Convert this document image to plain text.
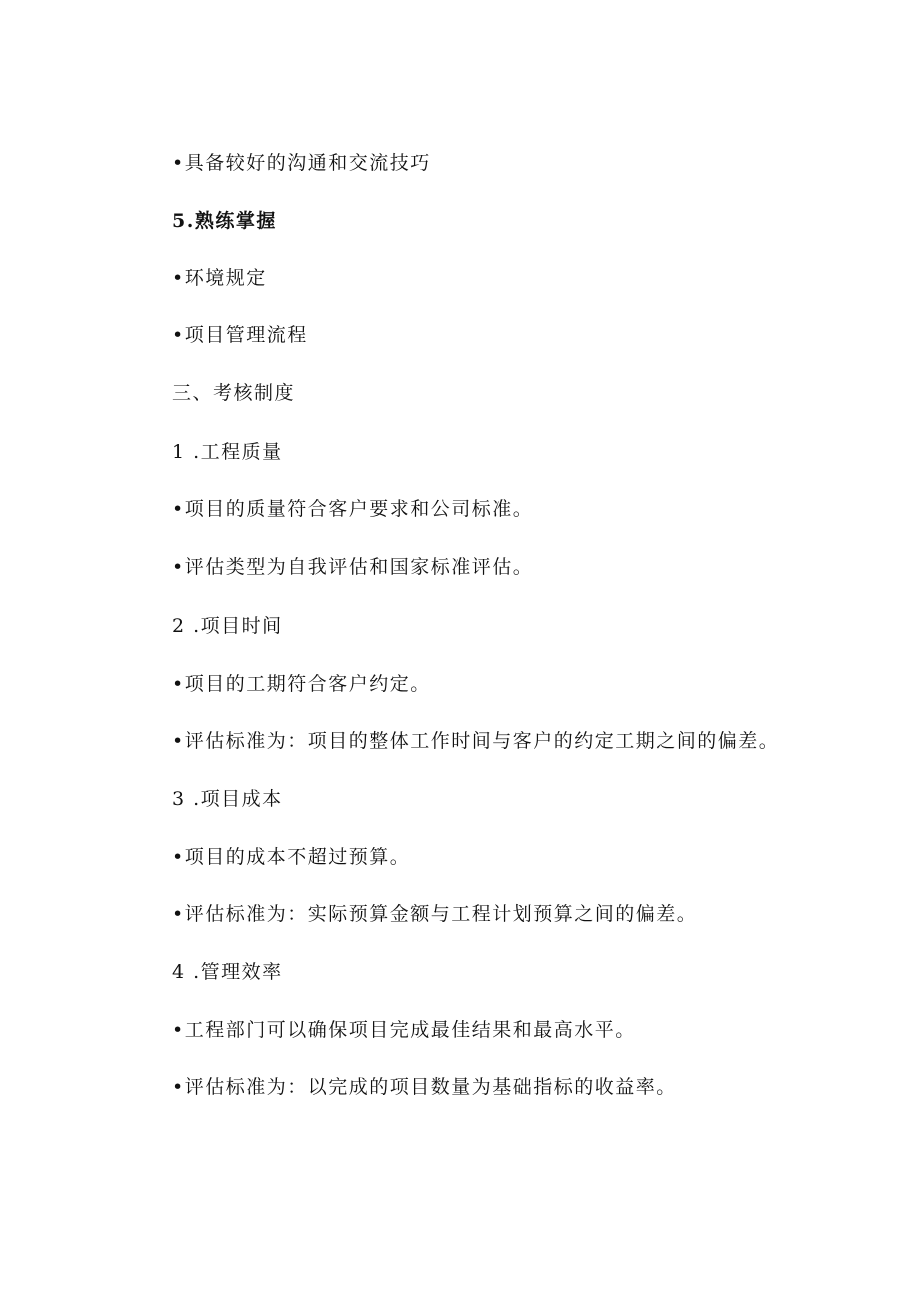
•具备较好的沟通和交流技巧
5.熟练掌握
•环境规定
•项目管理流程
三、考核制度
1 .工程质量
•项目的质量符合客户要求和公司标准。
•评估类型为自我评估和国家标准评估。
2 .项目时间
•项目的工期符合客户约定。
•评估标准为：项目的整体工作时间与客户的约定工期之间的偏差。
3 .项目成本
•项目的成本不超过预算。
•评估标准为：实际预算金额与工程计划预算之间的偏差。
4 .管理效率
•工程部门可以确保项目完成最佳结果和最高水平。
•评估标准为：以完成的项目数量为基础指标的收益率。
